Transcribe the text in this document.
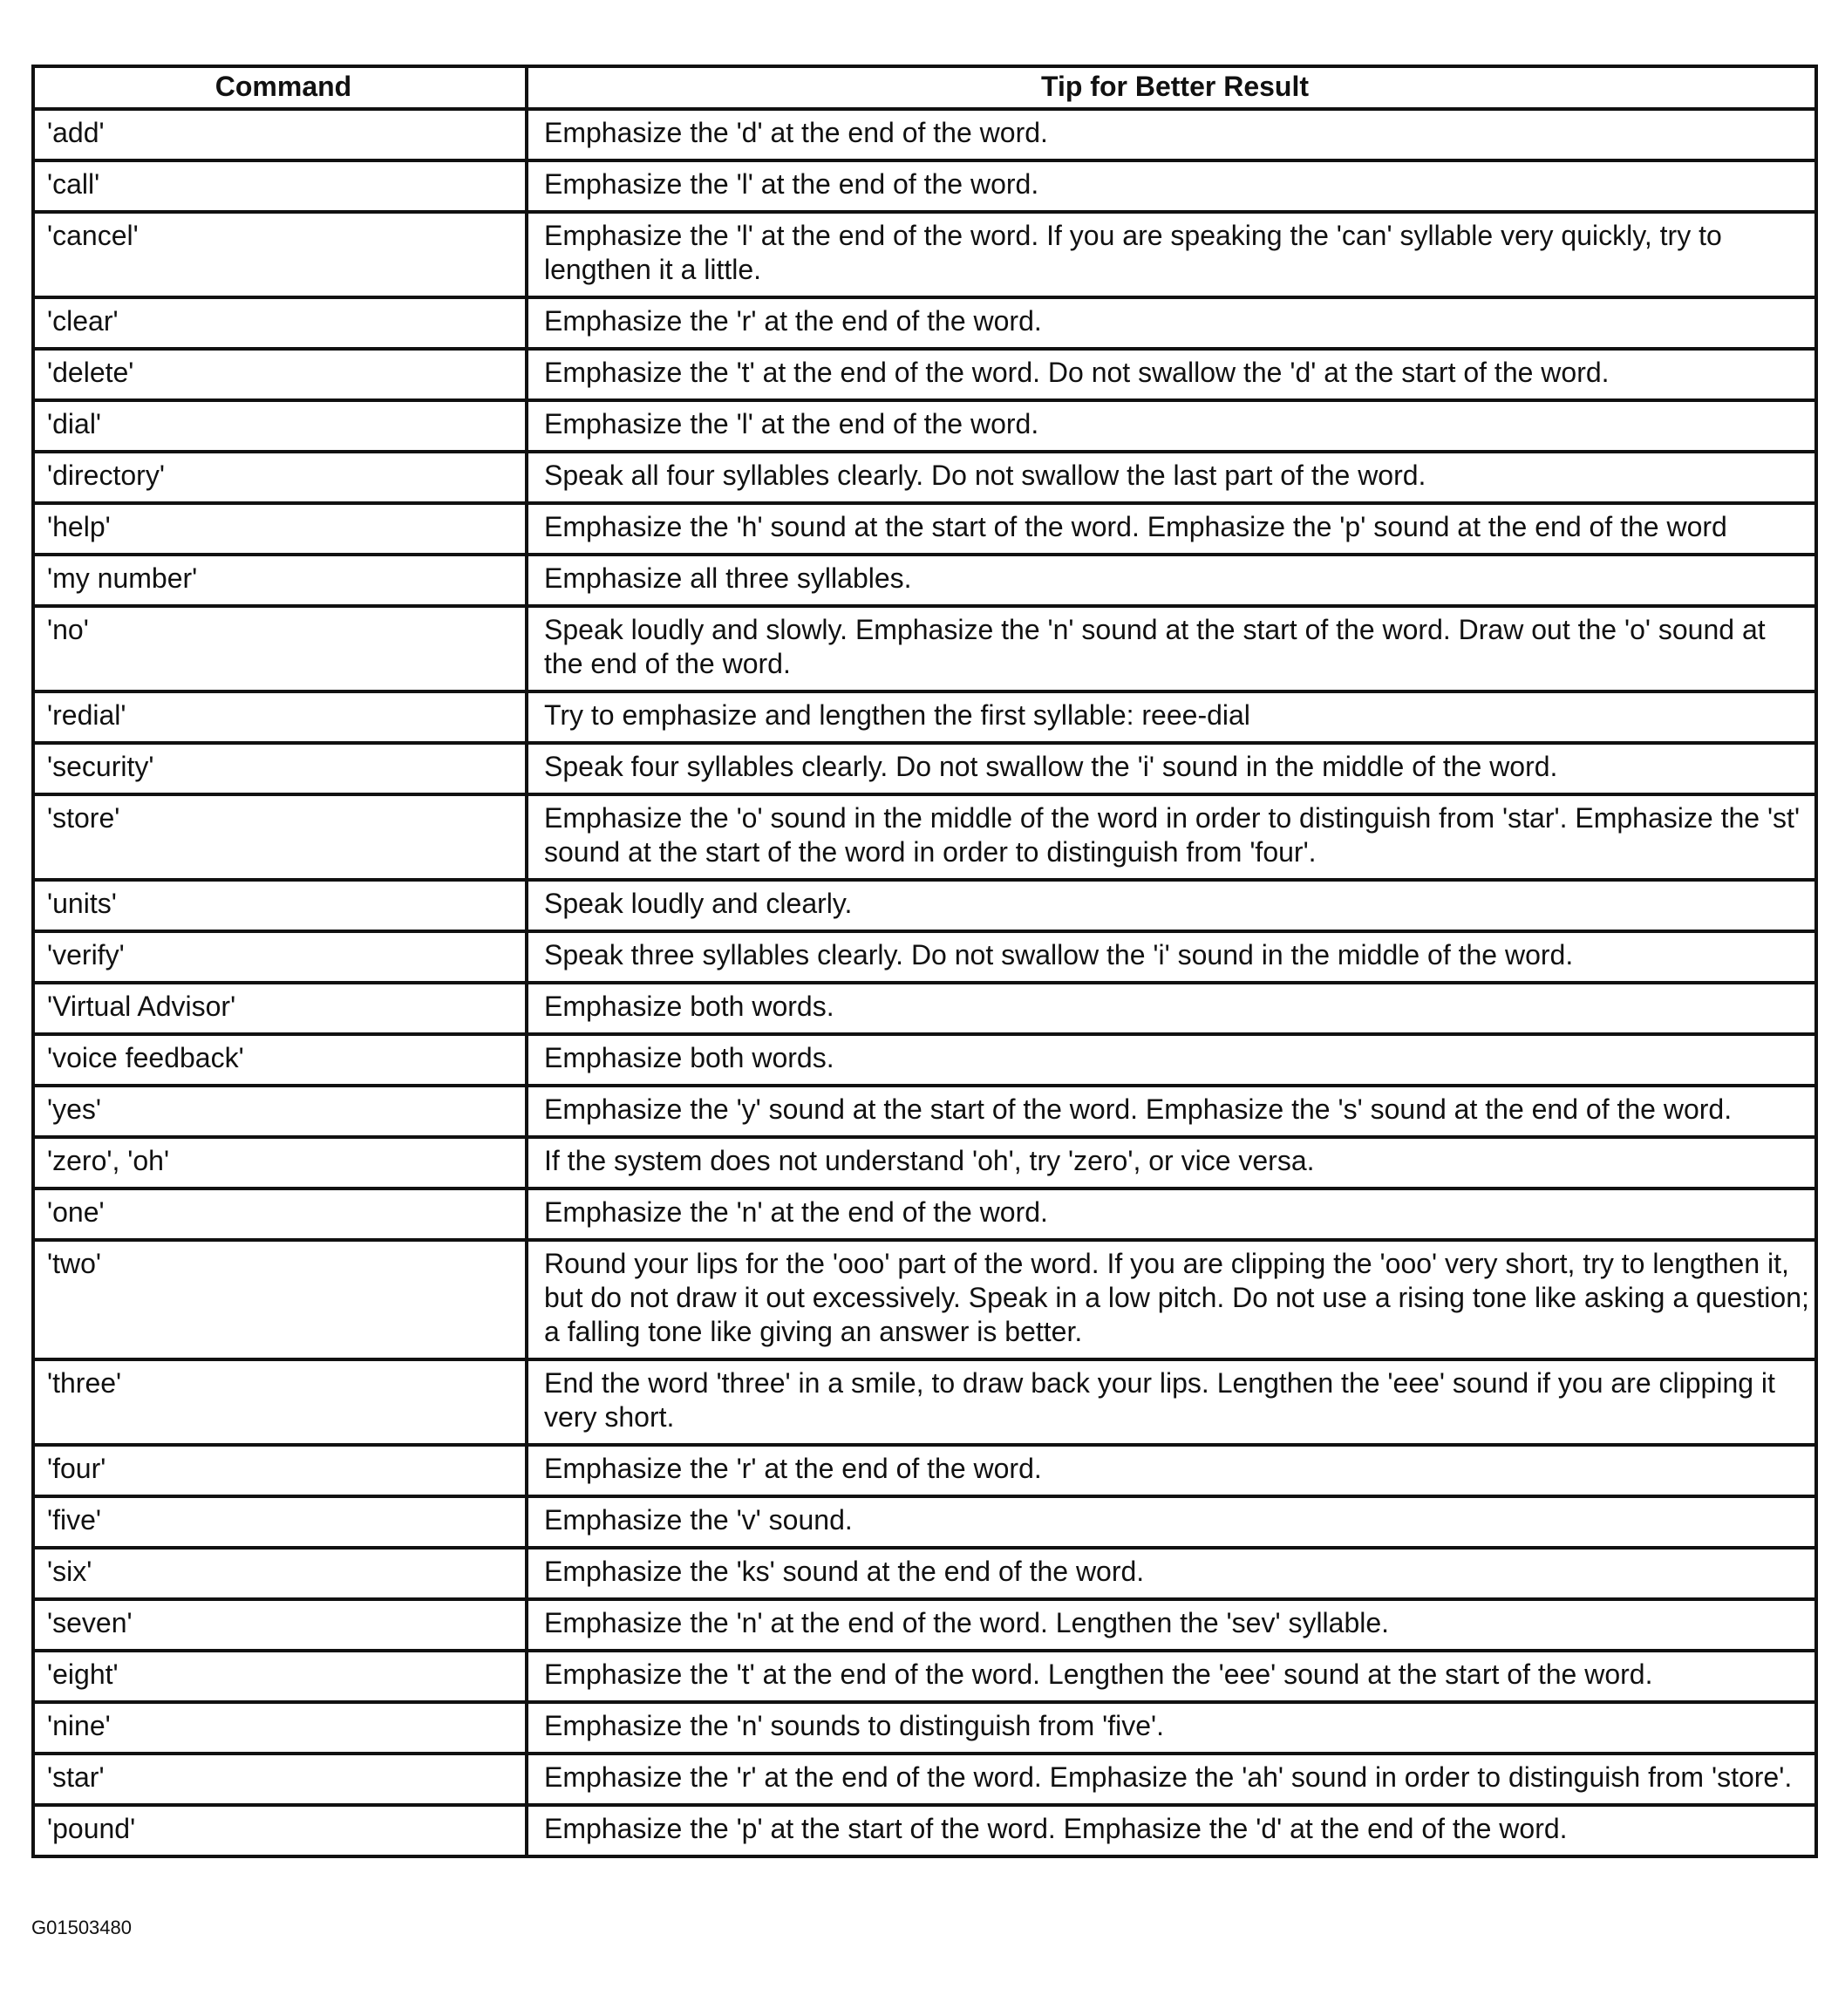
Command	Tip for Better Result
'add'	Emphasize the 'd' at the end of the word.
'call'	Emphasize the 'l' at the end of the word.
'cancel'	Emphasize the 'l' at the end of the word. If you are speaking the 'can' syllable very quickly, try to lengthen it a little.
'clear'	Emphasize the 'r' at the end of the word.
'delete'	Emphasize the 't' at the end of the word. Do not swallow the 'd' at the start of the word.
'dial'	Emphasize the 'l' at the end of the word.
'directory'	Speak all four syllables clearly. Do not swallow the last part of the word.
'help'	Emphasize the 'h' sound at the start of the word. Emphasize the 'p' sound at the end of the word
'my number'	Emphasize all three syllables.
'no'	Speak loudly and slowly. Emphasize the 'n' sound at the start of the word. Draw out the 'o' sound at the end of the word.
'redial'	Try to emphasize and lengthen the first syllable: reee-dial
'security'	Speak four syllables clearly. Do not swallow the 'i' sound in the middle of the word.
'store'	Emphasize the 'o' sound in the middle of the word in order to distinguish from 'star'. Emphasize the 'st' sound at the start of the word in order to distinguish from 'four'.
'units'	Speak loudly and clearly.
'verify'	Speak three syllables clearly. Do not swallow the 'i' sound in the middle of the word.
'Virtual Advisor'	Emphasize both words.
'voice feedback'	Emphasize both words.
'yes'	Emphasize the 'y' sound at the start of the word. Emphasize the 's' sound at the end of the word.
'zero', 'oh'	If the system does not understand 'oh', try 'zero', or vice versa.
'one'	Emphasize the 'n' at the end of the word.
'two'	Round your lips for the 'ooo' part of the word. If you are clipping the 'ooo' very short, try to lengthen it, but do not draw it out excessively. Speak in a low pitch. Do not use a rising tone like asking a question; a falling tone like giving an answer is better.
'three'	End the word 'three' in a smile, to draw back your lips. Lengthen the 'eee' sound if you are clipping it very short.
'four'	Emphasize the 'r' at the end of the word.
'five'	Emphasize the 'v' sound.
'six'	Emphasize the 'ks' sound at the end of the word.
'seven'	Emphasize the 'n' at the end of the word. Lengthen the 'sev' syllable.
'eight'	Emphasize the 't' at the end of the word. Lengthen the 'eee' sound at the start of the word.
'nine'	Emphasize the 'n' sounds to distinguish from 'five'.
'star'	Emphasize the 'r' at the end of the word. Emphasize the 'ah' sound in order to distinguish from 'store'.
'pound'	Emphasize the 'p' at the start of the word. Emphasize the 'd' at the end of the word.
G01503480
